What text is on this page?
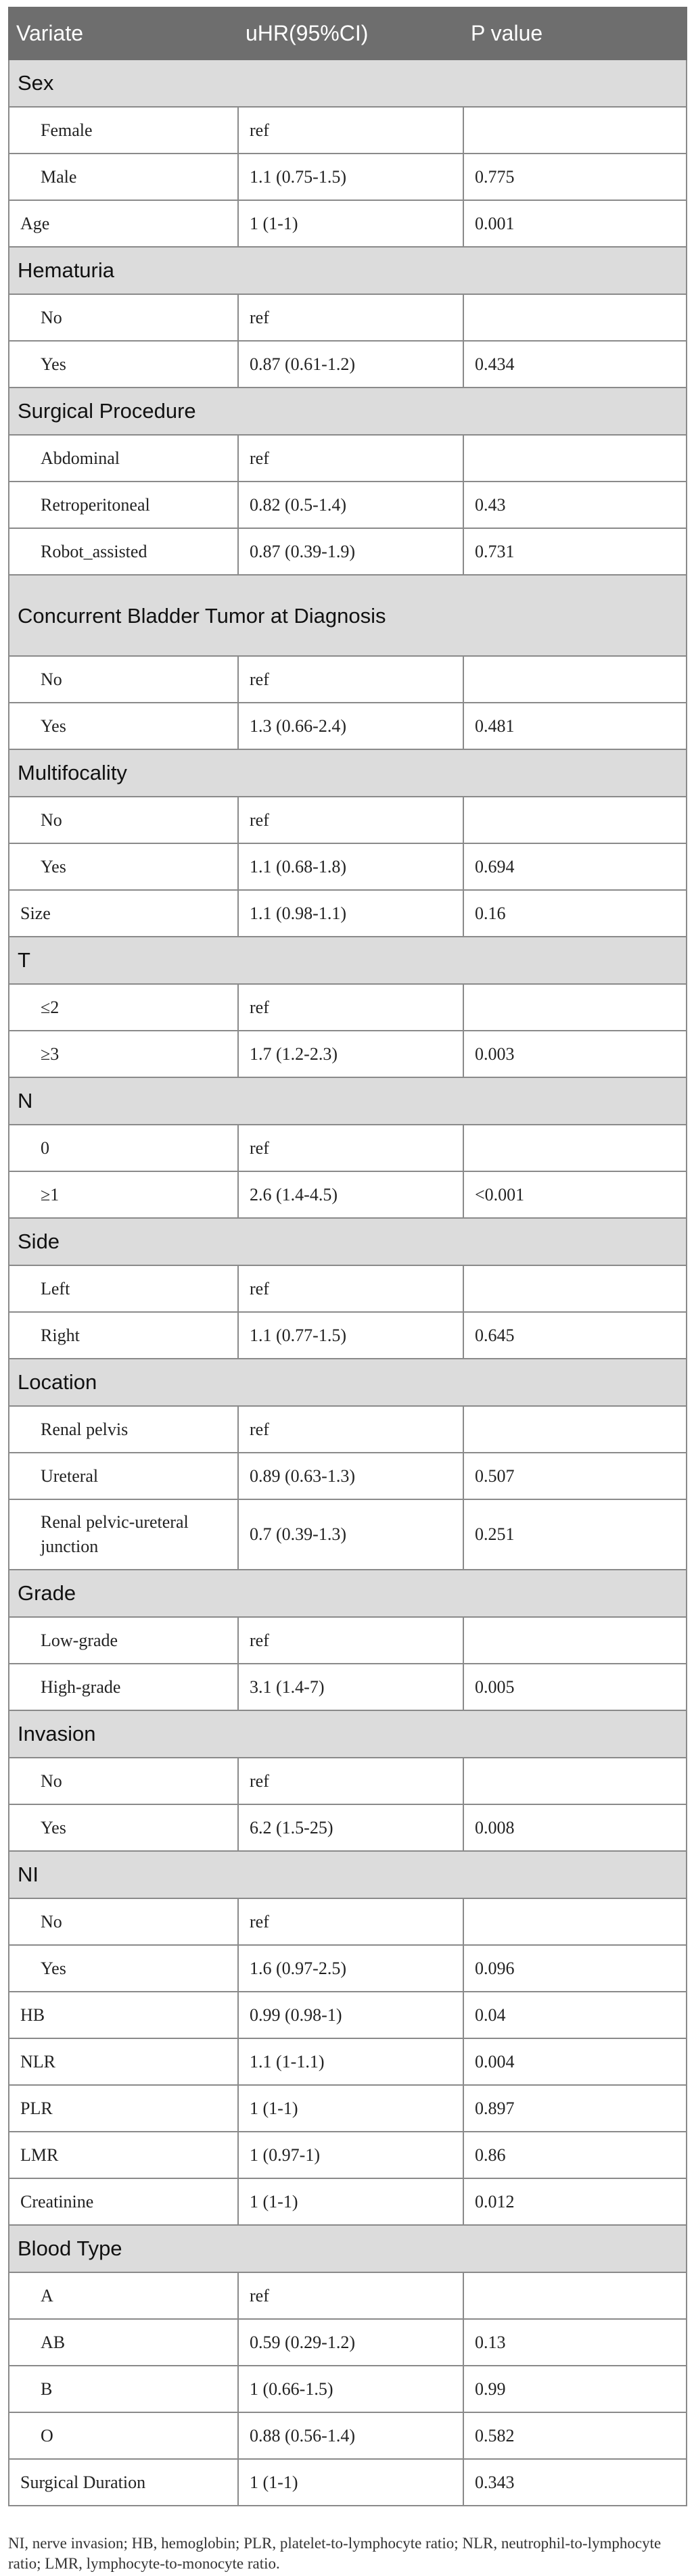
Variate	uHR(95%CI)	P value
Sex		
Female	ref	
Male	1.1 (0.75-1.5)	0.775
Age	1 (1-1)	0.001
Hematuria		
No	ref	
Yes	0.87 (0.61-1.2)	0.434
Surgical Procedure		
Abdominal	ref	
Retroperitoneal	0.82 (0.5-1.4)	0.43
Robot_assisted	0.87 (0.39-1.9)	0.731
Concurrent Bladder Tumor at Diagnosis		
No	ref	
Yes	1.3 (0.66-2.4)	0.481
Multifocality		
No	ref	
Yes	1.1 (0.68-1.8)	0.694
Size	1.1 (0.98-1.1)	0.16
T		
≤2	ref	
≥3	1.7 (1.2-2.3)	0.003
N		
0	ref	
≥1	2.6 (1.4-4.5)	<0.001
Side		
Left	ref	
Right	1.1 (0.77-1.5)	0.645
Location		
Renal pelvis	ref	
Ureteral	0.89 (0.63-1.3)	0.507
Renal pelvic-ureteral junction	0.7 (0.39-1.3)	0.251
Grade		
Low-grade	ref	
High-grade	3.1 (1.4-7)	0.005
Invasion		
No	ref	
Yes	6.2 (1.5-25)	0.008
NI		
No	ref	
Yes	1.6 (0.97-2.5)	0.096
HB	0.99 (0.98-1)	0.04
NLR	1.1 (1-1.1)	0.004
PLR	1 (1-1)	0.897
LMR	1 (0.97-1)	0.86
Creatinine	1 (1-1)	0.012
Blood Type		
A	ref	
AB	0.59 (0.29-1.2)	0.13
B	1 (0.66-1.5)	0.99
O	0.88 (0.56-1.4)	0.582
Surgical Duration	1 (1-1)	0.343
NI, nerve invasion; HB, hemoglobin; PLR, platelet-to-lymphocyte ratio; NLR, neutrophil-to-lymphocyte ratio; LMR, lymphocyte-to-monocyte ratio.
